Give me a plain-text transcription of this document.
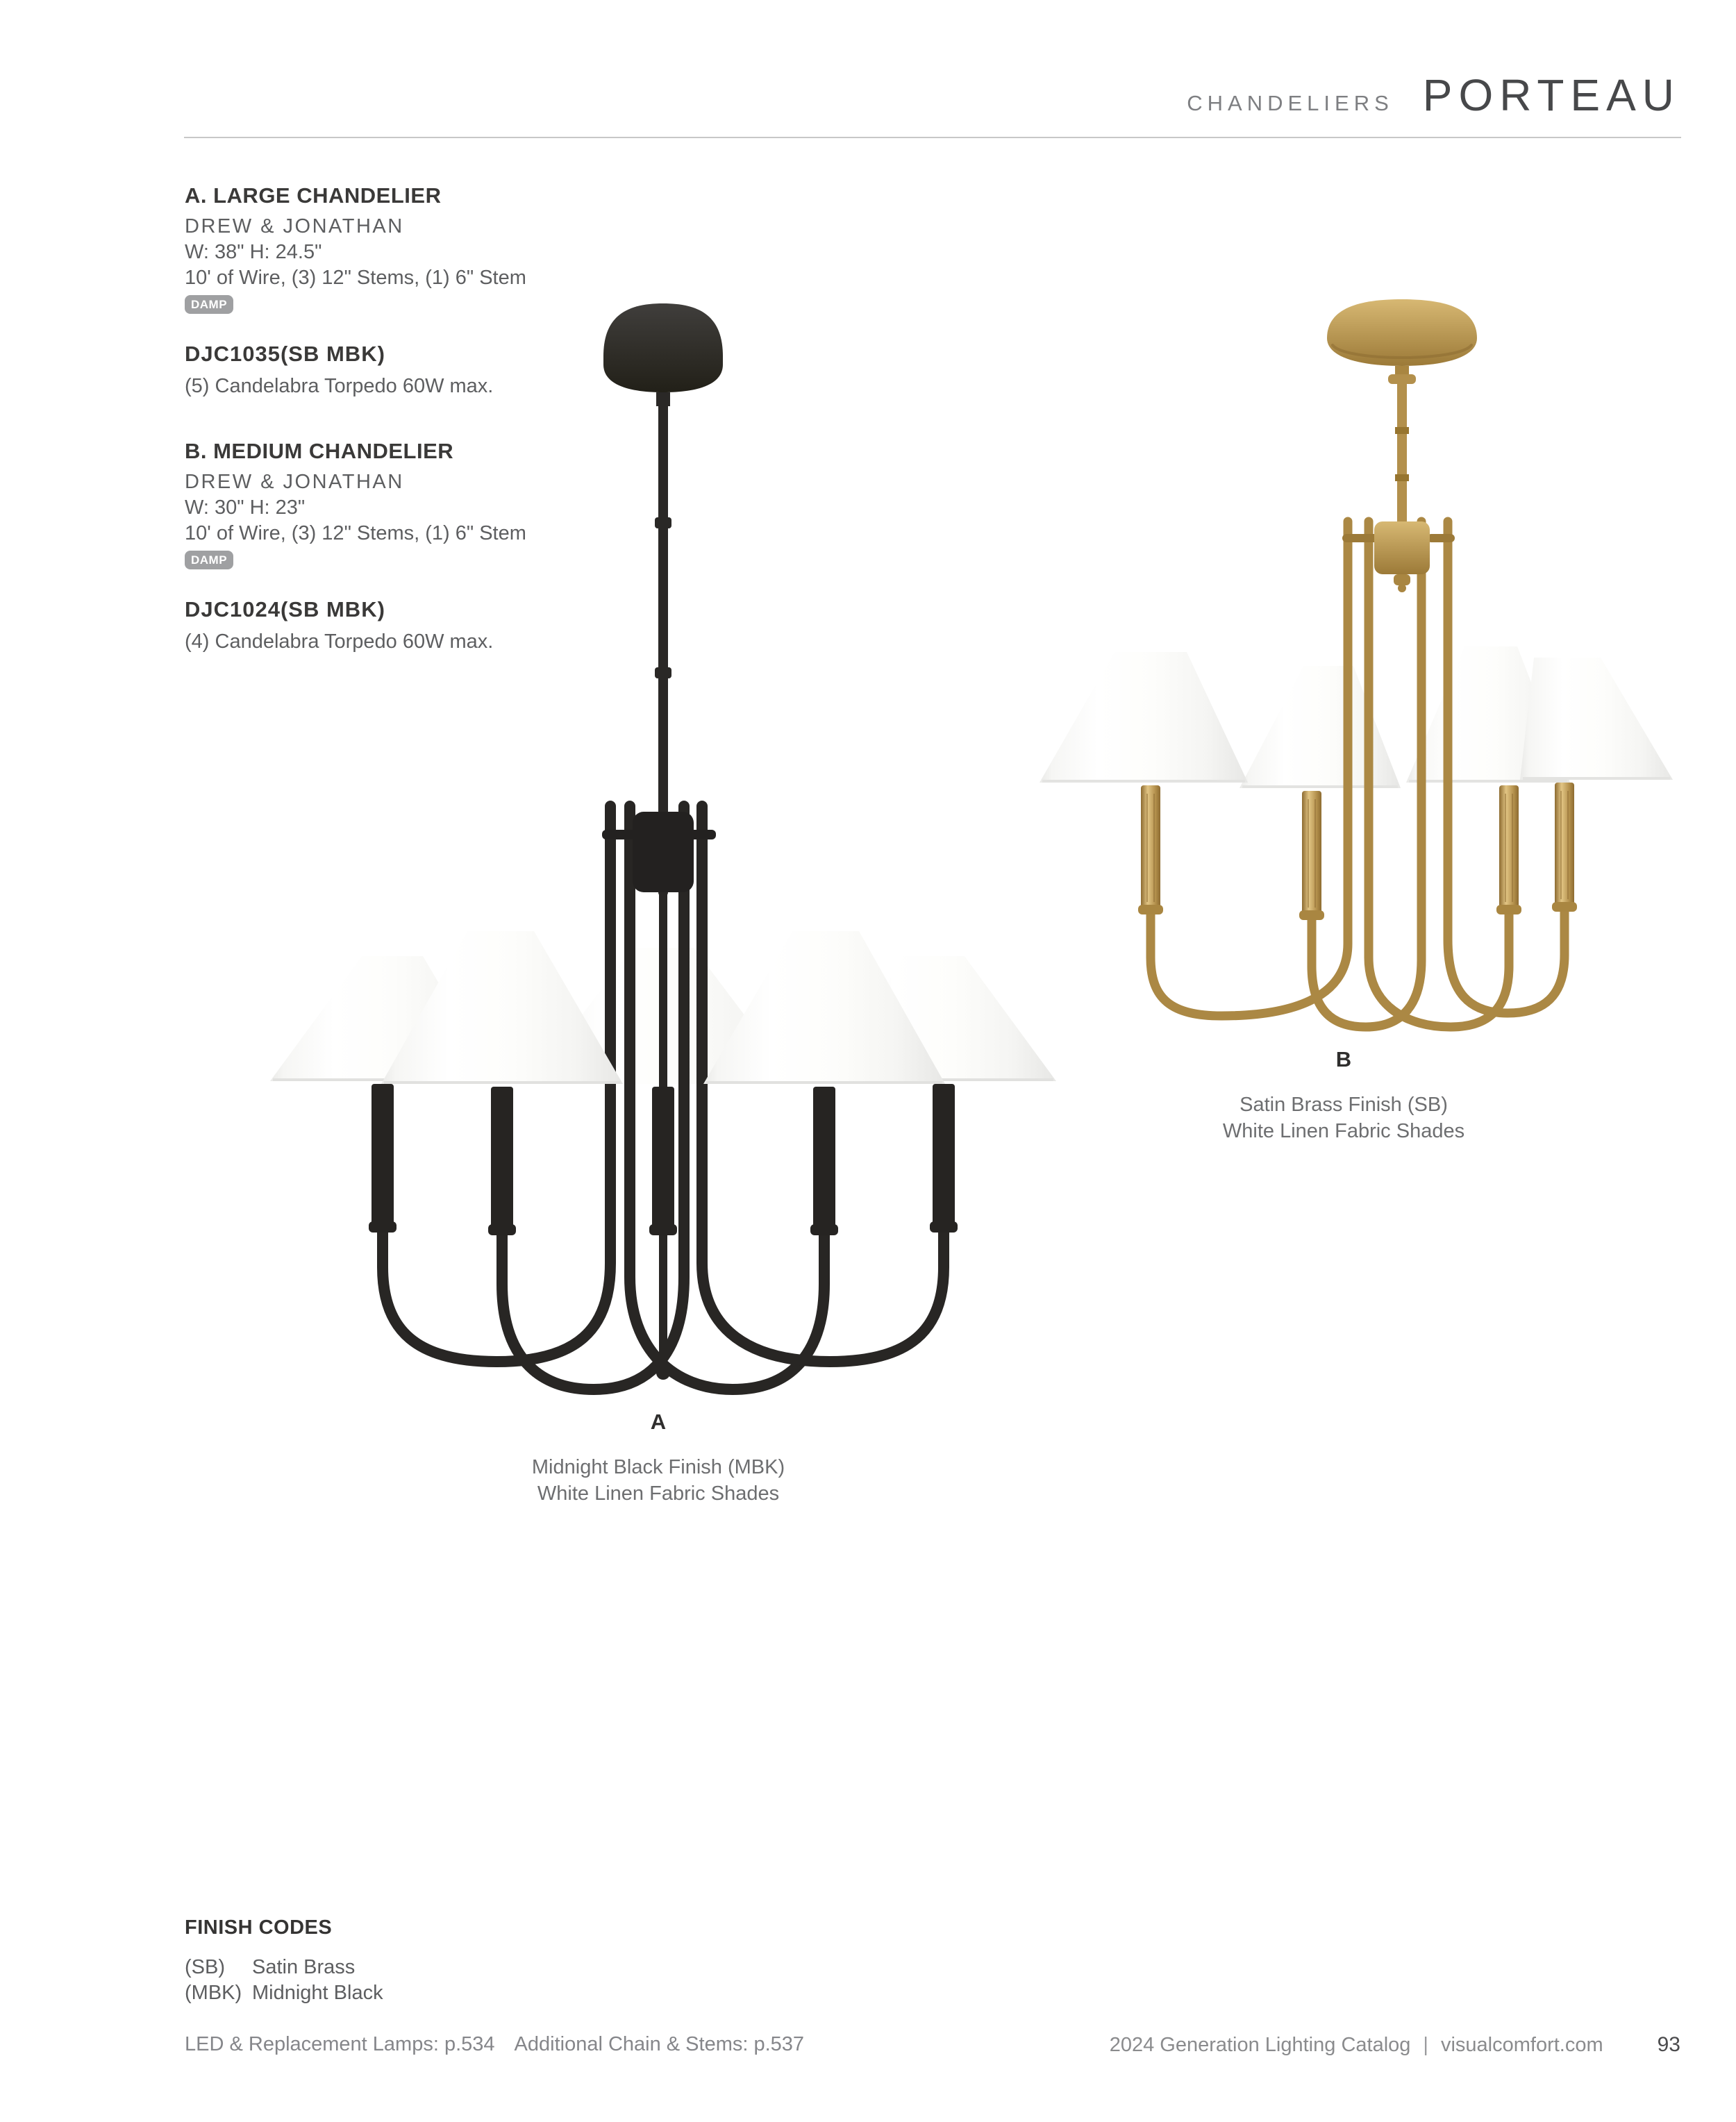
CHANDELIERS PORTEAU
A. LARGE CHANDELIER
DREW & JONATHAN
W: 38" H: 24.5"
10' of Wire, (3) 12" Stems, (1) 6" Stem
DAMP
DJC1035(SB MBK)
(5) Candelabra Torpedo 60W max.
B. MEDIUM CHANDELIER
DREW & JONATHAN
W: 30" H: 23"
10' of Wire, (3) 12" Stems, (1) 6" Stem
DAMP
DJC1024(SB MBK)
(4) Candelabra Torpedo 60W max.
A
Midnight Black Finish (MBK)
White Linen Fabric Shades
B
Satin Brass Finish (SB)
White Linen Fabric Shades
FINISH CODES
(SB)	Satin Brass
(MBK) Midnight Black
LED & Replacement Lamps: p.534 Additional Chain & Stems: p.537	2024 Generation Lighting Catalog | visualcomfort.com	93
